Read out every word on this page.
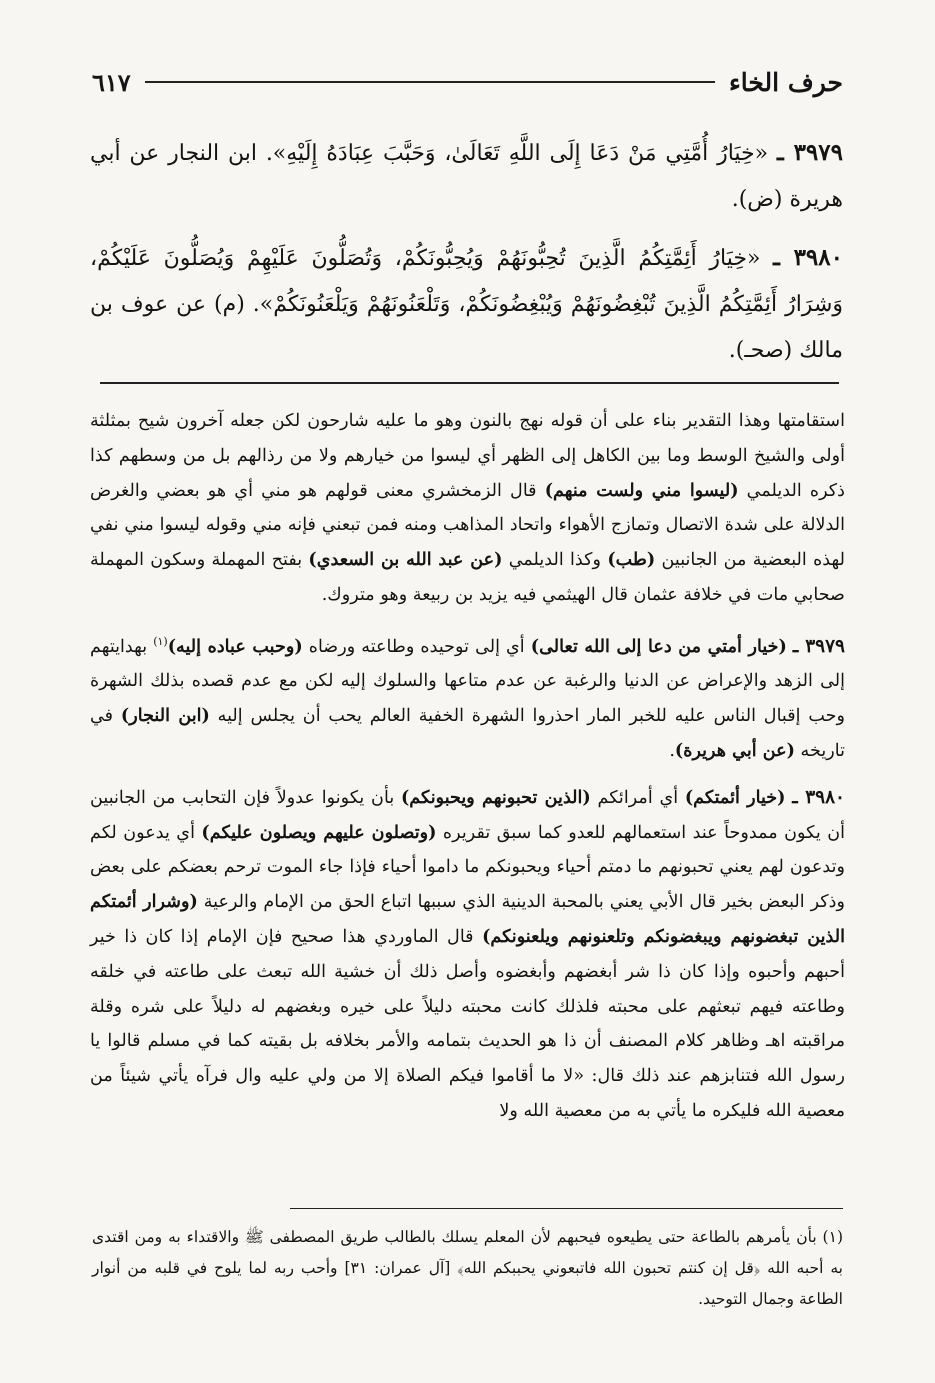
حرف الخاء
٦١٧

٣٩٧٩ ـ «خِيَارُ أُمَّتِي مَنْ دَعَا إِلَى اللَّهِ تَعَالَىٰ، وَحَبَّبَ عِبَادَهُ إِلَيْهِ». ابن النجار عن أبي هريرة (ض).

٣٩٨٠ ـ «خِيَارُ أَئِمَّتِكُمُ الَّذِينَ تُحِبُّونَهُمْ وَيُحِبُّونَكُمْ، وَتُصَلُّونَ عَلَيْهِمْ وَيُصَلُّونَ عَلَيْكُمْ، وَشِرَارُ أَئِمَّتِكُمُ الَّذِينَ تُبْغِضُونَهُمْ وَيُبْغِضُونَكُمْ، وَتَلْعَنُونَهُمْ وَيَلْعَنُونَكُمْ». (م) عن عوف بن مالك (صحـ).

استقامتها وهذا التقدير بناء على أن قوله نهج بالنون وهو ما عليه شارحون لكن جعله آخرون شيح بمثلثة أولى والشيخ الوسط وما بين الكاهل إلى الظهر أي ليسوا من خيارهم ولا من رذالهم بل من وسطهم كذا ذكره الديلمي (ليسوا مني ولست منهم) قال الزمخشري معنى قولهم هو مني أي هو بعضي والغرض الدلالة على شدة الاتصال وتمازج الأهواء واتحاد المذاهب ومنه فمن تبعني فإنه مني وقوله ليسوا مني نفي لهذه البعضية من الجانبين (طب) وكذا الديلمي (عن عبد الله بن السعدي) بفتح المهملة وسكون المهملة صحابي مات في خلافة عثمان قال الهيثمي فيه يزيد بن ربيعة وهو متروك.

٣٩٧٩ ـ (خيار أمتي من دعا إلى الله تعالى) أي إلى توحيده وطاعته ورضاه (وحبب عباده إليه)$^{(١)}$ بهدايتهم إلى الزهد والإعراض عن الدنيا والرغبة عن عدم متاعها والسلوك إليه لكن مع عدم قصده بذلك الشهرة وحب إقبال الناس عليه للخبر المار احذروا الشهرة الخفية العالم يحب أن يجلس إليه (ابن النجار) في تاريخه (عن أبي هريرة).

٣٩٨٠ ـ (خيار أئمتكم) أي أمرائكم (الذين تحبونهم ويحبونكم) بأن يكونوا عدولاً فإن التحابب من الجانبين أن يكون ممدوحاً عند استعمالهم للعدو كما سبق تقريره (وتصلون عليهم ويصلون عليكم) أي يدعون لكم وتدعون لهم يعني تحبونهم ما دمتم أحياء ويحبونكم ما داموا أحياء فإذا جاء الموت ترحم بعضكم على بعض وذكر البعض بخير قال الأبي يعني بالمحبة الدينية الذي سببها اتباع الحق من الإمام والرعية (وشرار أئمتكم الذين تبغضونهم ويبغضونكم وتلعنونهم ويلعنونكم) قال الماوردي هذا صحيح فإن الإمام إذا كان ذا خير أحبهم وأحبوه وإذا كان ذا شر أبغضهم وأبغضوه وأصل ذلك أن خشية الله تبعث على طاعته في خلقه وطاعته فيهم تبعثهم على محبته فلذلك كانت محبته دليلاً على خيره وبغضهم له دليلاً على شره وقلة مراقبته اهـ وظاهر كلام المصنف أن ذا هو الحديث بتمامه والأمر بخلافه بل بقيته كما في مسلم قالوا يا رسول الله فتنابزهم عند ذلك قال: «لا ما أقاموا فيكم الصلاة إلا من ولي عليه وال فرآه يأتي شيئاً من معصية الله فليكره ما يأتي به من معصية الله ولا

(١) بأن يأمرهم بالطاعة حتى يطيعوه فيحبهم لأن المعلم يسلك بالطالب طريق المصطفى ﷺ والاقتداء به ومن اقتدى به أحبه الله ﴿قل إن كنتم تحبون الله فاتبعوني يحببكم الله﴾ [آل عمران: ٣١] وأحب ربه لما يلوح في قلبه من أنوار الطاعة وجمال التوحيد.
